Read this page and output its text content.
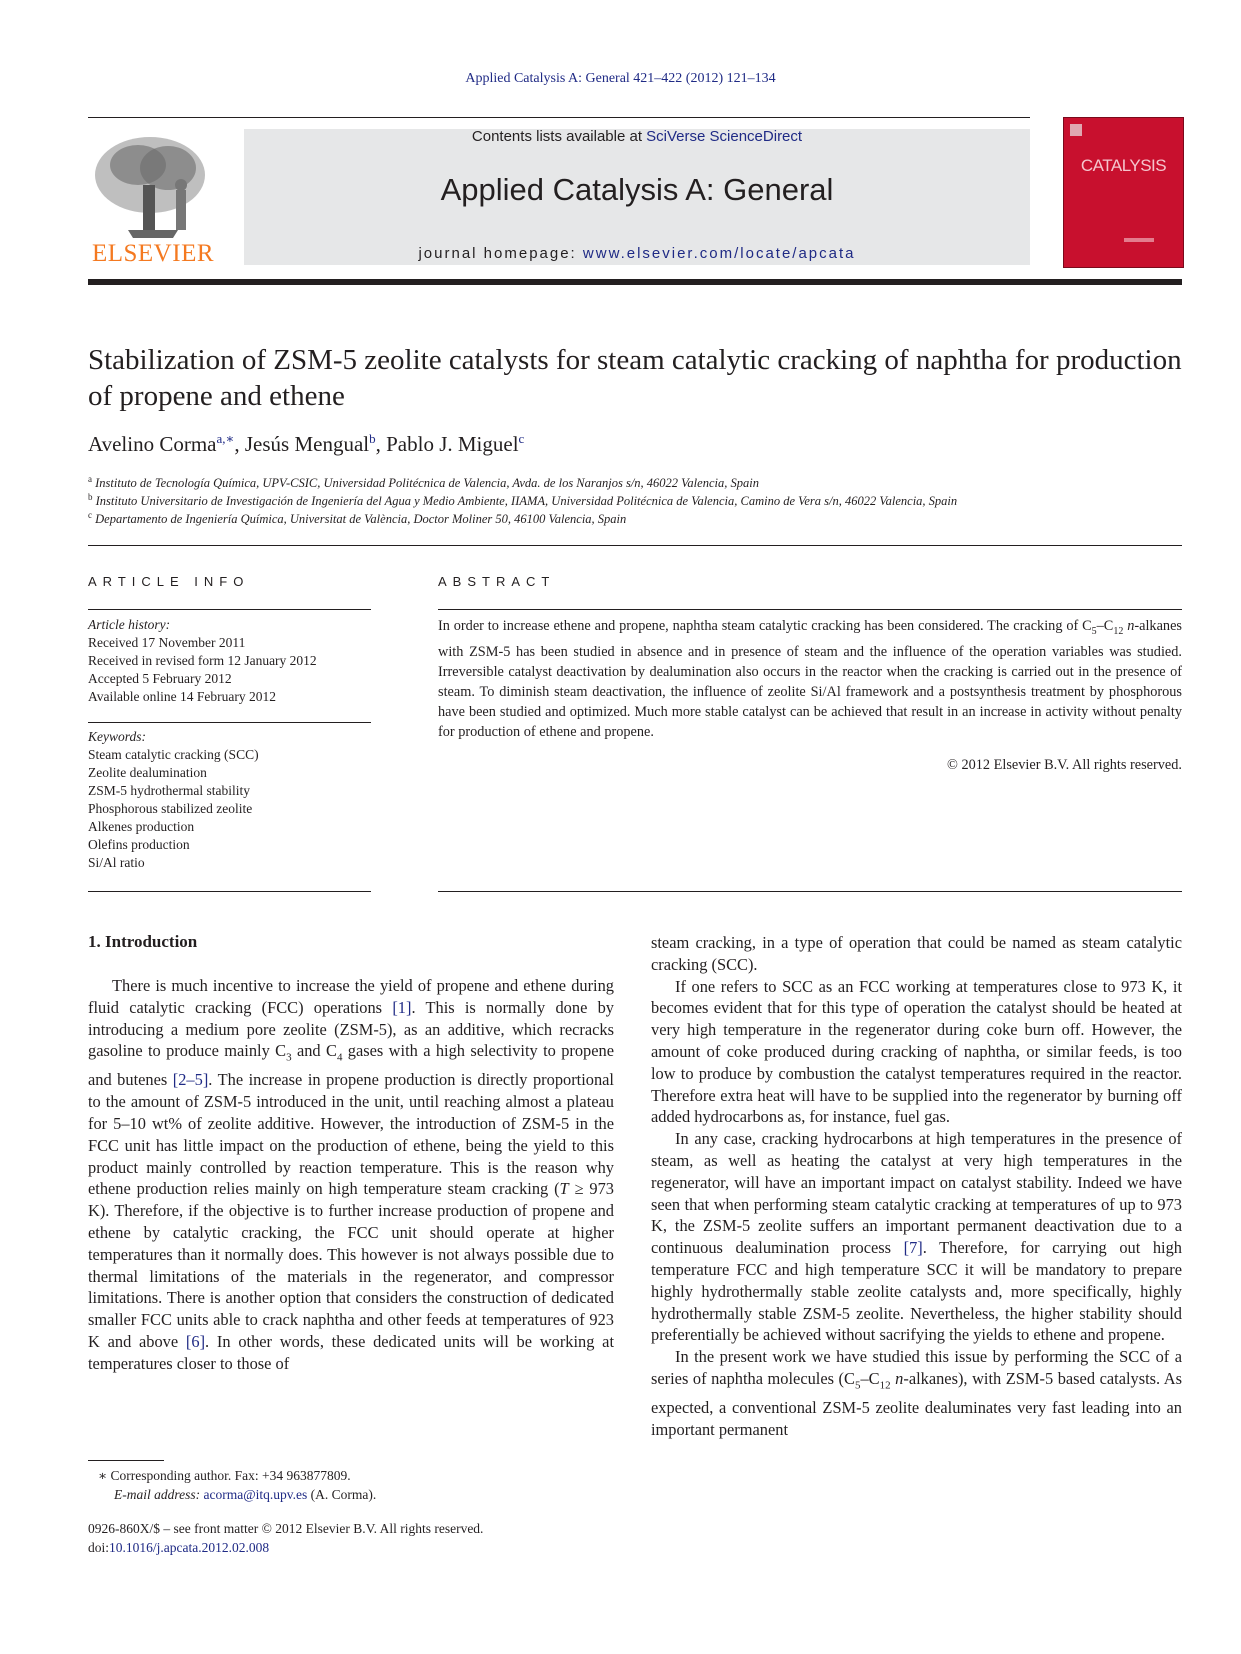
Applied Catalysis A: General 421–422 (2012) 121–134
ELSEVIER
Contents lists available at SciVerse ScienceDirect
Applied Catalysis A: General
journal homepage: www.elsevier.com/locate/apcata
CATALYSIS
Stabilization of ZSM-5 zeolite catalysts for steam catalytic cracking of naphtha for production of propene and ethene
Avelino Corma$^{a,∗}$, Jesús Mengual$^b$, Pablo J. Miguel$^c$
$^a$ Instituto de Tecnología Química, UPV-CSIC, Universidad Politécnica de Valencia, Avda. de los Naranjos s/n, 46022 Valencia, Spain
$^b$ Instituto Universitario de Investigación de Ingeniería del Agua y Medio Ambiente, IIAMA, Universidad Politécnica de Valencia, Camino de Vera s/n, 46022 Valencia, Spain
$^c$ Departamento de Ingeniería Química, Universitat de València, Doctor Moliner 50, 46100 Valencia, Spain
ARTICLE INFO
Article history:
Received 17 November 2011
Received in revised form 12 January 2012
Accepted 5 February 2012
Available online 14 February 2012
Keywords:
Steam catalytic cracking (SCC)
Zeolite dealumination
ZSM-5 hydrothermal stability
Phosphorous stabilized zeolite
Alkenes production
Olefins production
Si/Al ratio
ABSTRACT
In order to increase ethene and propene, naphtha steam catalytic cracking has been considered. The cracking of $C_5-C_{12}$ n-alkanes with ZSM-5 has been studied in absence and in presence of steam and the influence of the operation variables was studied. Irreversible catalyst deactivation by dealumination also occurs in the reactor when the cracking is carried out in the presence of steam. To diminish steam deactivation, the influence of zeolite Si/Al framework and a postsynthesis treatment by phosphorous have been studied and optimized. Much more stable catalyst can be achieved that result in an increase in activity without penalty for production of ethene and propene.
© 2012 Elsevier B.V. All rights reserved.
1. Introduction

There is much incentive to increase the yield of propene and ethene during fluid catalytic cracking (FCC) operations [1]. This is normally done by introducing a medium pore zeolite (ZSM-5), as an additive, which recracks gasoline to produce mainly $C_3$ and $C_4$ gases with a high selectivity to propene and butenes [2–5]. The increase in propene production is directly proportional to the amount of ZSM-5 introduced in the unit, until reaching almost a plateau for 5–10 wt% of zeolite additive. However, the introduction of ZSM-5 in the FCC unit has little impact on the production of ethene, being the yield to this product mainly controlled by reaction temperature. This is the reason why ethene production relies mainly on high temperature steam cracking (T ≥ 973 K). Therefore, if the objective is to further increase production of propene and ethene by catalytic cracking, the FCC unit should operate at higher temperatures than it normally does. This however is not always possible due to thermal limitations of the materials in the regenerator, and compressor limitations. There is another option that considers the construction of dedicated smaller FCC units able to crack naphtha and other feeds at temperatures of 923 K and above [6]. In other words, these dedicated units will be working at temperatures closer to those of

steam cracking, in a type of operation that could be named as steam catalytic cracking (SCC).

If one refers to SCC as an FCC working at temperatures close to 973 K, it becomes evident that for this type of operation the catalyst should be heated at very high temperature in the regenerator during coke burn off. However, the amount of coke produced during cracking of naphtha, or similar feeds, is too low to produce by combustion the catalyst temperatures required in the reactor. Therefore extra heat will have to be supplied into the regenerator by burning off added hydrocarbons as, for instance, fuel gas.

In any case, cracking hydrocarbons at high temperatures in the presence of steam, as well as heating the catalyst at very high temperatures in the regenerator, will have an important impact on catalyst stability. Indeed we have seen that when performing steam catalytic cracking at temperatures of up to 973 K, the ZSM-5 zeolite suffers an important permanent deactivation due to a continuous dealumination process [7]. Therefore, for carrying out high temperature FCC and high temperature SCC it will be mandatory to prepare highly hydrothermally stable zeolite catalysts and, more specifically, highly hydrothermally stable ZSM-5 zeolite. Nevertheless, the higher stability should preferentially be achieved without sacrifying the yields to ethene and propene.

In the present work we have studied this issue by performing the SCC of a series of naphtha molecules ($C_5-C_{12}$ n-alkanes), with ZSM-5 based catalysts. As expected, a conventional ZSM-5 zeolite dealuminates very fast leading into an important permanent

∗ Corresponding author. Fax: +34 963877809.
E-mail address: acorma@itq.upv.es (A. Corma).
0926-860X/$ – see front matter © 2012 Elsevier B.V. All rights reserved.
doi:10.1016/j.apcata.2012.02.008
